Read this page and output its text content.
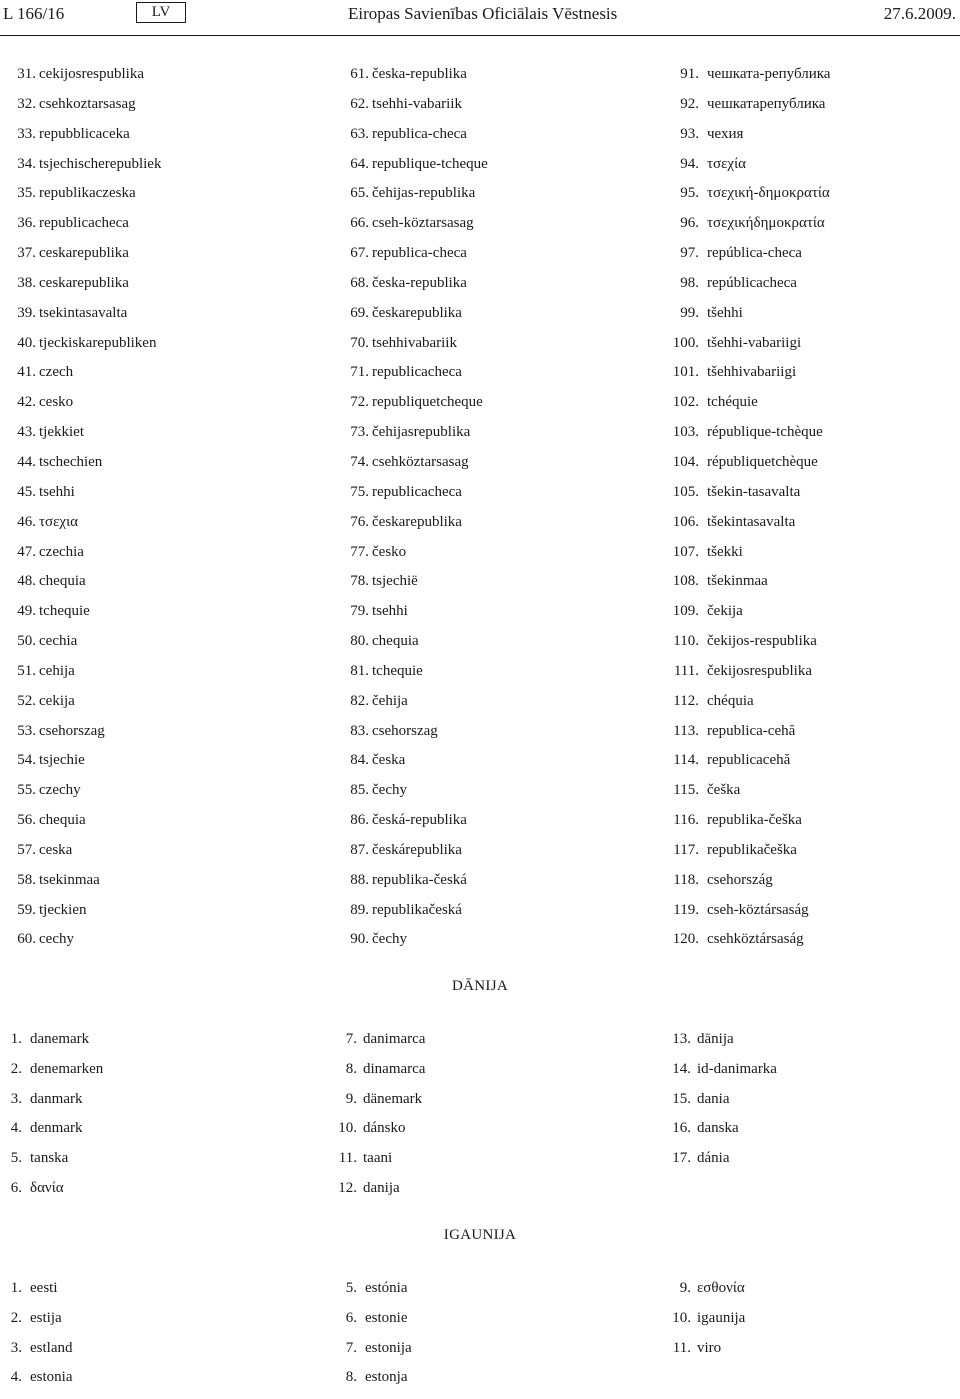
L 166/16	LV	Eiropas Savienības Oficiālais Vēstnesis	27.6.2009.
31. cekijosrespublika
32. csehkoztarsasag
33. repubblicaceka
34. tsjechischerepubliek
35. republikaczeska
36. republicacheca
37. ceskarepublika
38. ceskarepublika
39. tsekintasavalta
40. tjeckiskarepubliken
41. czech
42. cesko
43. tjekkiet
44. tschechien
45. tsehhi
46. τσεχια
47. czechia
48. chequia
49. tchequie
50. cechia
51. cehija
52. cekija
53. csehorszag
54. tsjechie
55. czechy
56. chequia
57. ceska
58. tsekinmaa
59. tjeckien
60. cechy
61. česka-republika
62. tsehhi-vabariik
63. republica-checa
64. republique-tcheque
65. čehijas-republika
66. cseh-köztarsasag
67. republica-checa
68. česka-republika
69. českarepublika
70. tsehhivabariik
71. republicacheca
72. republiquetcheque
73. čehijasrepublika
74. csehköztarsasag
75. republicacheca
76. českarepublika
77. česko
78. tsjechië
79. tsehhi
80. chequia
81. tchequie
82. čehija
83. csehorszag
84. česka
85. čechy
86. česká-republika
87. českárepublika
88. republika-česká
89. republikačeská
90. čechy
91. чешката-република
92. чешкатарепублика
93. чехия
94. τσεχία
95. τσεχική-δημοκρατία
96. τσεχικήδημοκρατία
97. república-checa
98. repúblicacheca
99. tšehhi
100. tšehhi-vabariigi
101. tšehhivabariigi
102. tchéquie
103. république-tchèque
104. républiquetchèque
105. tšekin-tasavalta
106. tšekintasavalta
107. tšekki
108. tšekinmaa
109. čekija
110. čekijos-respublika
111. čekijosrespublika
112. chéquia
113. republica-cehă
114. republicacehă
115. češka
116. republika-češka
117. republikačeška
118. csehország
119. cseh-köztársaság
120. csehköztársaság
DĀNIJA
1. danemark
2. denemarken
3. danmark
4. denmark
5. tanska
6. δανία
7. danimarca
8. dinamarca
9. dänemark
10. dánsko
11. taani
12. danija
13. dānija
14. id-danimarka
15. dania
16. danska
17. dánia
IGAUNIJA
1. eesti
2. estija
3. estland
4. estonia
5. estónia
6. estonie
7. estonija
8. estonja
9. εσθονία
10. igaunija
11. viro
